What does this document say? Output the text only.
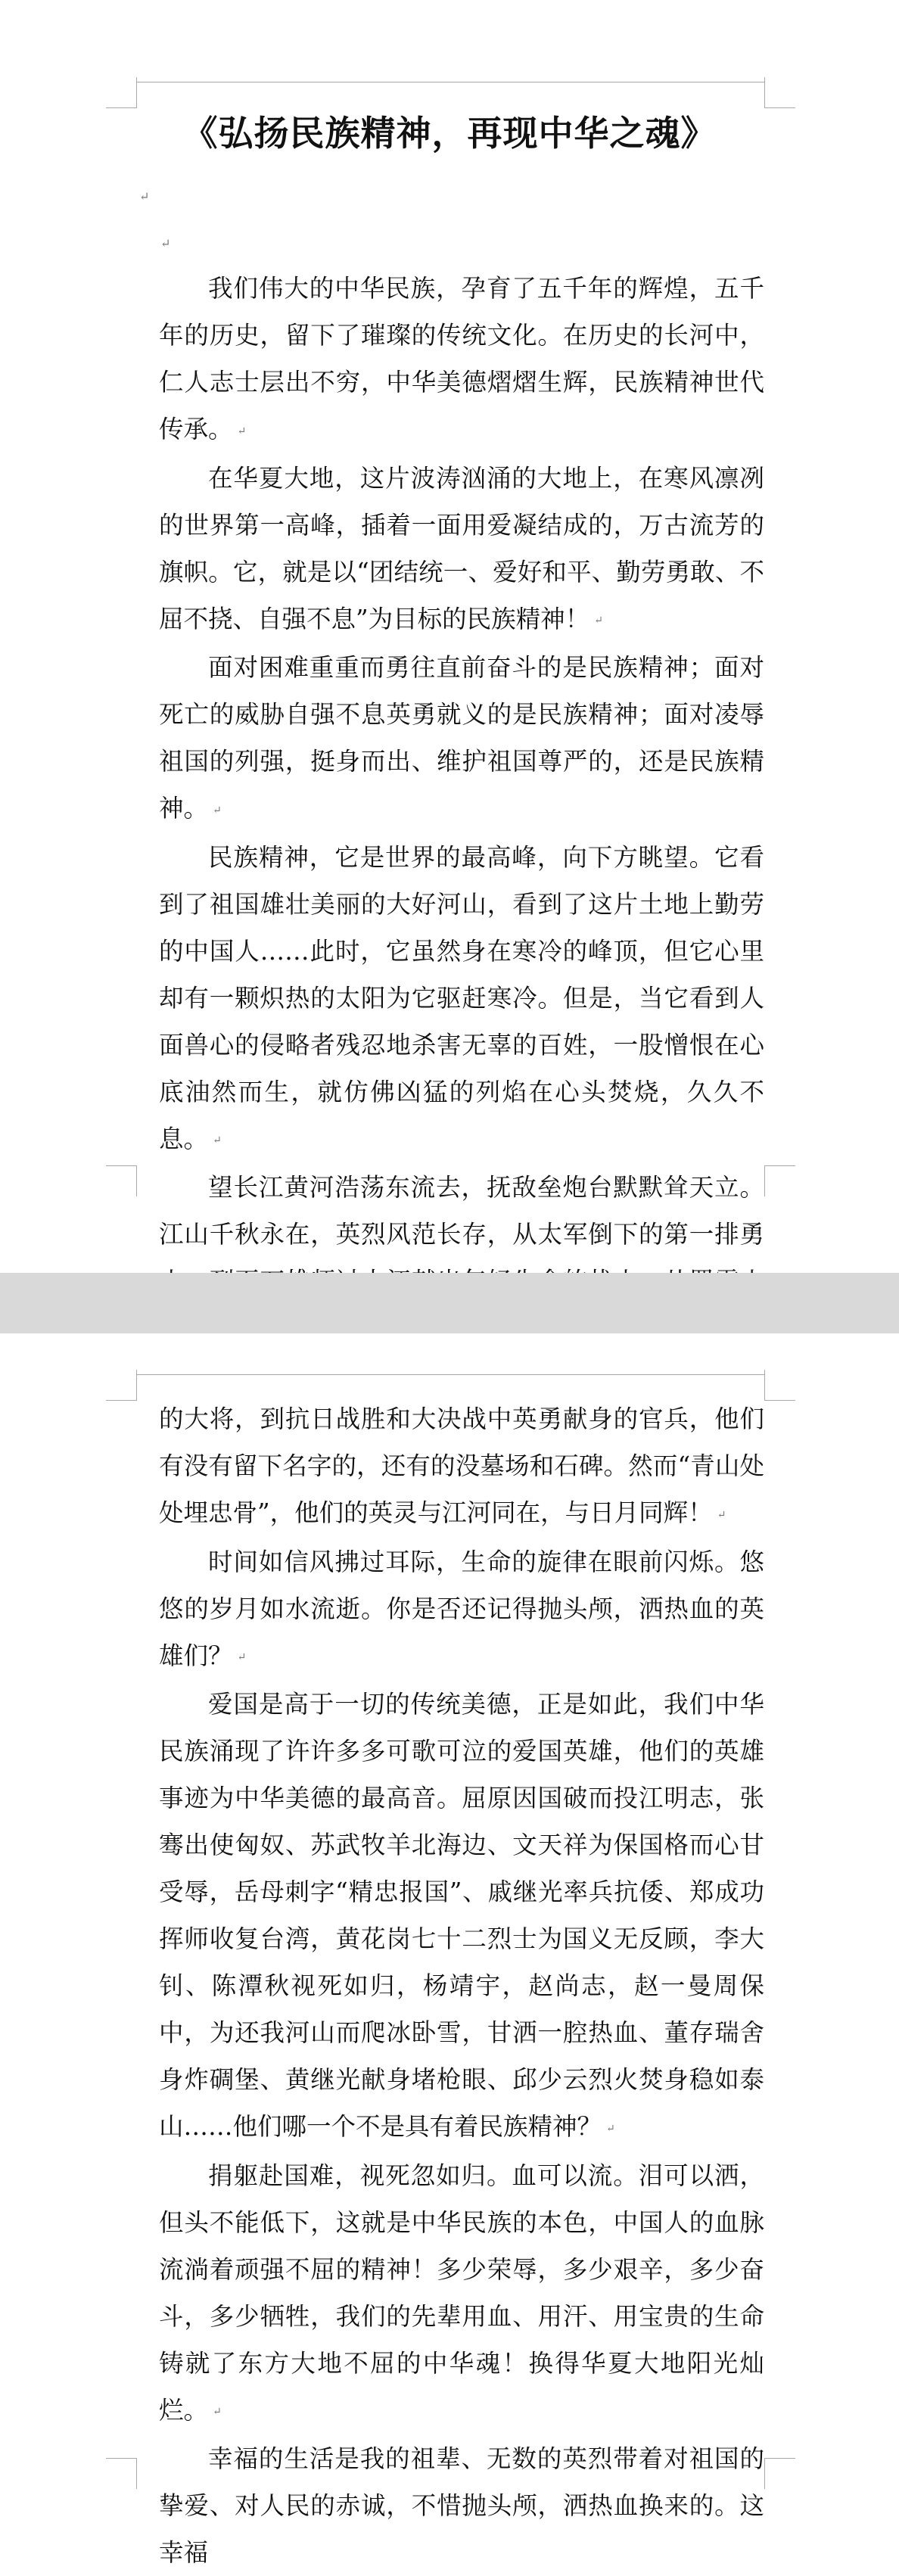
《弘扬民族精神，再现中华之魂》
↵
↵

我们伟大的中华民族，孕育了五千年的辉煌，五千年的历史，留下了璀璨的传统文化。在历史的长河中，仁人志士层出不穷，中华美德熠熠生辉，民族精神世代传承。 ↵

在华夏大地，这片波涛汹涌的大地上，在寒风凛冽的世界第一高峰，插着一面用爱凝结成的，万古流芳的旗帜。它，就是以“团结统一、爱好和平、勤劳勇敢、不屈不挠、自强不息”为目标的民族精神！ ↵

面对困难重重而勇往直前奋斗的是民族精神；面对死亡的威胁自强不息英勇就义的是民族精神；面对凌辱祖国的列强，挺身而出、维护祖国尊严的，还是民族精神。 ↵

民族精神，它是世界的最高峰，向下方眺望。它看到了祖国雄壮美丽的大好河山，看到了这片土地上勤劳的中国人……此时，它虽然身在寒冷的峰顶，但它心里却有一颗炽热的太阳为它驱赶寒冷。但是，当它看到人面兽心的侵略者残忍地杀害无辜的百姓，一股憎恨在心底油然而生，就仿佛凶猛的列焰在心头焚烧，久久不息。 ↵

望长江黄河浩荡东流去，抚敌垒炮台默默耸天立。江山千秋永在，英烈风范长存，从太军倒下的第一排勇

的大将，到抗日战胜和大决战中英勇献身的官兵，他们有没有留下名字的，还有的没墓场和石碑。然而“青山处处埋忠骨”，他们的英灵与江河同在，与日月同辉！ ↵

时间如信风拂过耳际，生命的旋律在眼前闪烁。悠悠的岁月如水流逝。你是否还记得抛头颅，洒热血的英雄们？ ↵

爱国是高于一切的传统美德，正是如此，我们中华民族涌现了许许多多可歌可泣的爱国英雄，他们的英雄事迹为中华美德的最高音。屈原因国破而投江明志，张骞出使匈奴、苏武牧羊北海边、文天祥为保国格而心甘受辱，岳母刺字“精忠报国”、戚继光率兵抗倭、郑成功挥师收复台湾，黄花岗七十二烈士为国义无反顾，李大钊、陈潭秋视死如归，杨靖宇，赵尚志，赵一曼周保中，为还我河山而爬冰卧雪，甘洒一腔热血、董存瑞舍身炸碉堡、黄继光献身堵枪眼、邱少云烈火焚身稳如泰山……他们哪一个不是具有着民族精神？ ↵

捐躯赴国难，视死忽如归。血可以流。泪可以洒，但头不能低下，这就是中华民族的本色，中国人的血脉流淌着顽强不屈的精神！多少荣辱，多少艰辛，多少奋斗，多少牺牲，我们的先辈用血、用汗、用宝贵的生命铸就了东方大地不屈的中华魂！换得华夏大地阳光灿烂。 ↵

幸福的生活是我的祖辈、无数的英烈带着对祖国的挚爱、对人民的赤诚，不惜抛头颅，洒热血换来的。这幸福
